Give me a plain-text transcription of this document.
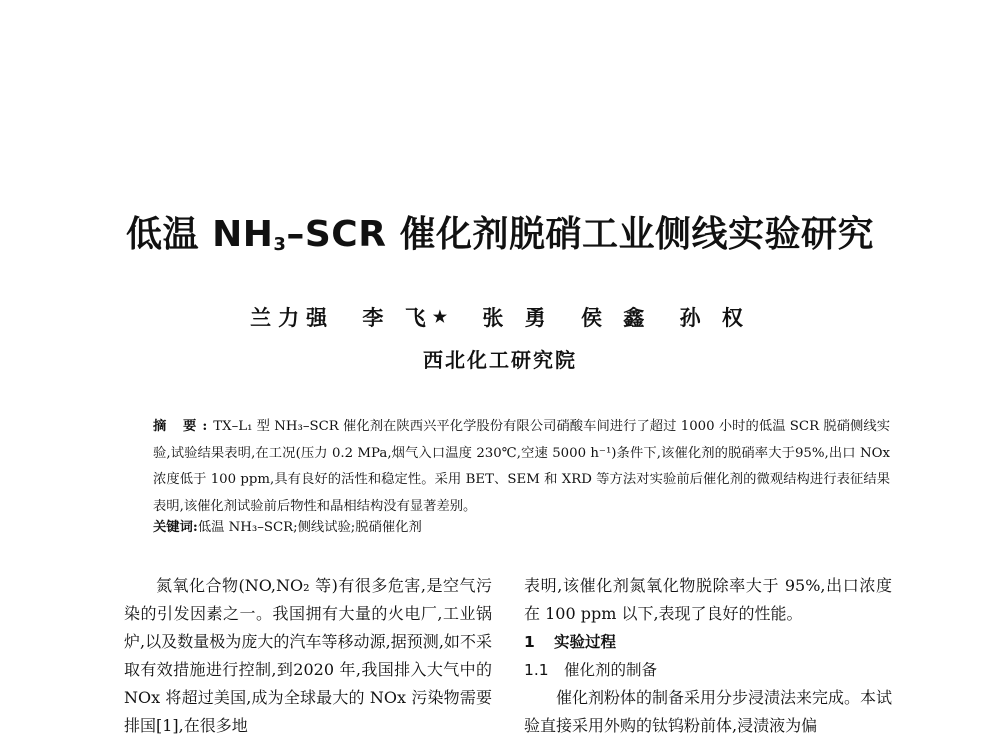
低温 $NH_3$–SCR 催化剂脱硝工业侧线实验研究
兰力强 李 飞★ 张 勇 侯 鑫 孙 权
西北化工研究院
摘 要:TX–L₁ 型 NH₃–SCR 催化剂在陕西兴平化学股份有限公司硝酸车间进行了超过 1000 小时的低温 SCR 脱硝侧线实验,试验结果表明,在工况(压力 0.2 MPa,烟气入口温度 230℃,空速 5000 h⁻¹)条件下,该催化剂的脱硝率大于95%,出口 NOx 浓度低于 100 ppm,具有良好的活性和稳定性。采用 BET、SEM 和 XRD 等方法对实验前后催化剂的微观结构进行表征结果表明,该催化剂试验前后物性和晶相结构没有显著差别。
关键词:低温 NH₃–SCR;侧线试验;脱硝催化剂

氮氧化合物(NO,NO₂ 等)有很多危害,是空气污染的引发因素之一。我国拥有大量的火电厂,工业锅炉,以及数量极为庞大的汽车等移动源,据预测,如不采取有效措施进行控制,到2020 年,我国排入大气中的 NOx 将超过美国,成为全球最大的 NOx 污染物需要排国[1],在很多地

表明,该催化剂氮氧化物脱除率大于 95%,出口浓度在 100 ppm 以下,表现了良好的性能。

1 实验过程

1.1 催化剂的制备

催化剂粉体的制备采用分步浸渍法来完成。本试验直接采用外购的钛钨粉前体,浸渍液为偏
